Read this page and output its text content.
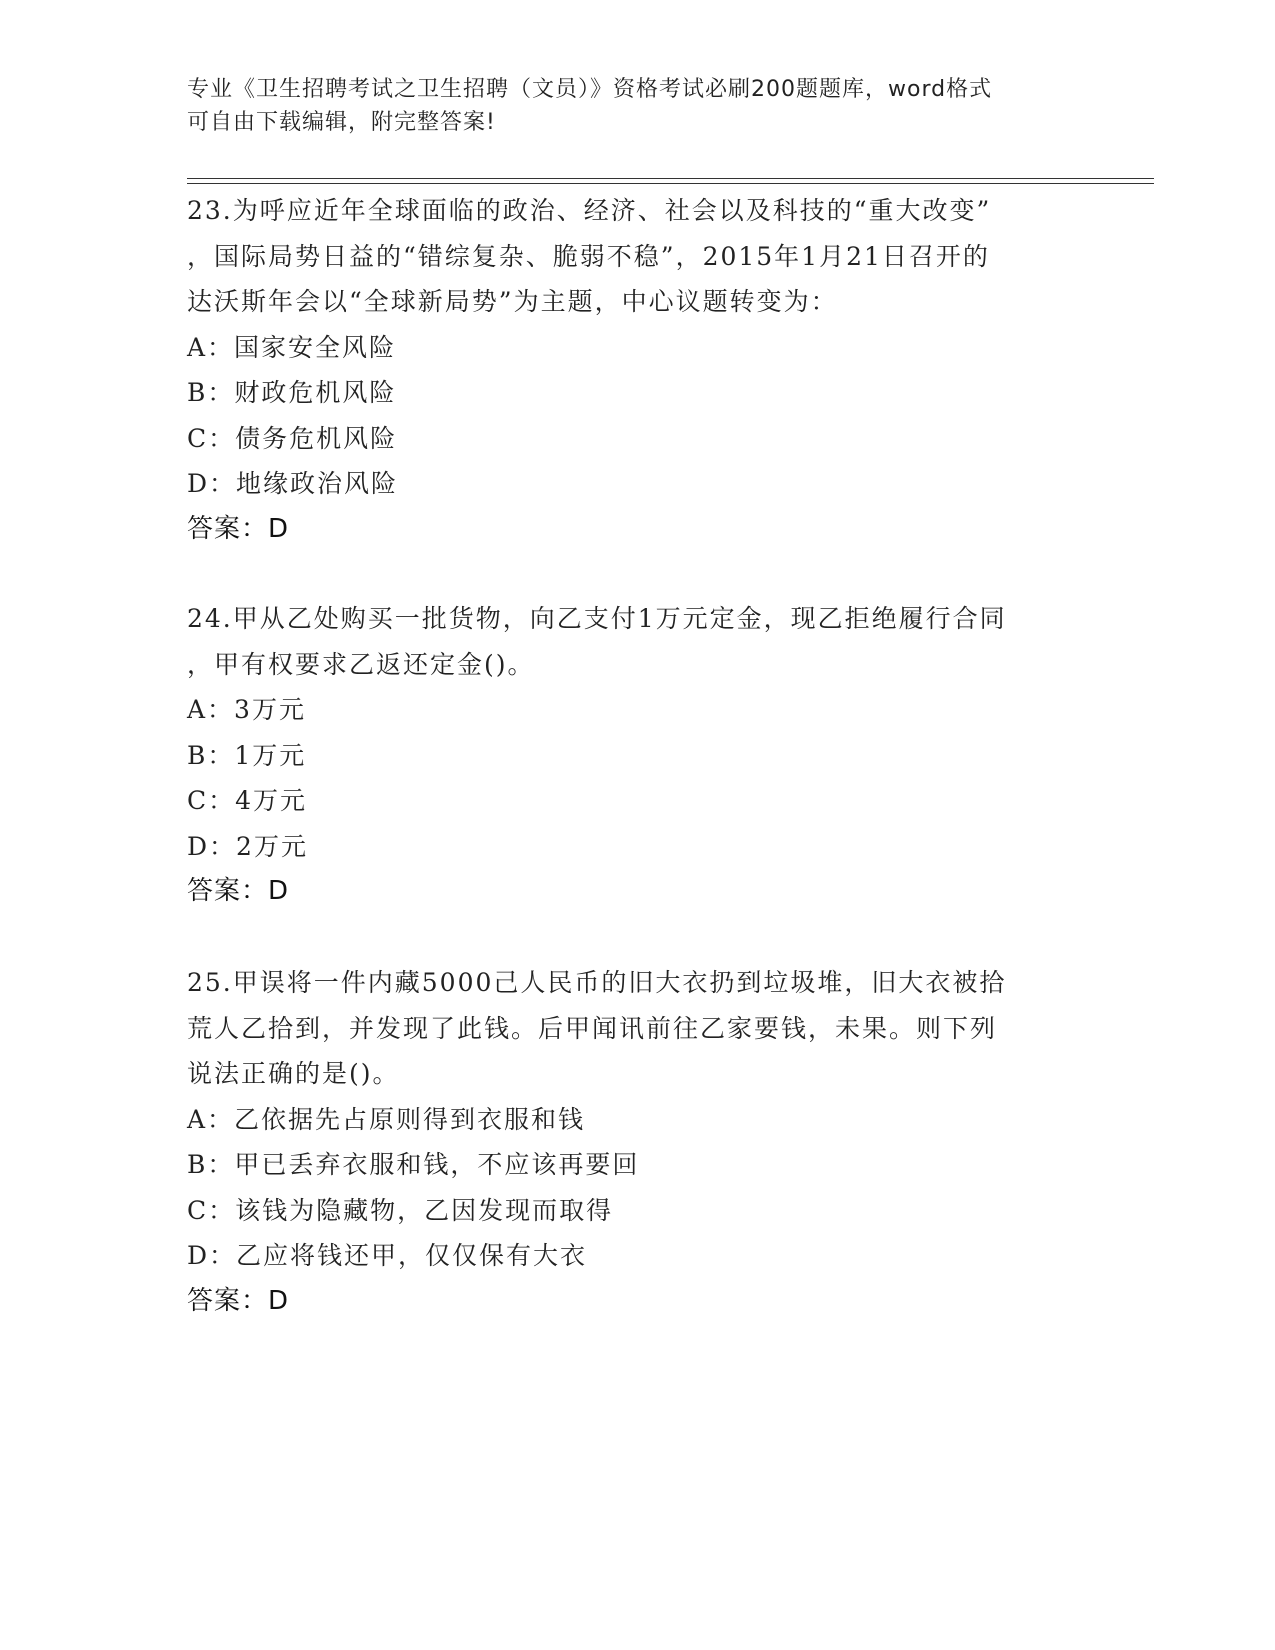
专业《卫生招聘考试之卫生招聘（文员）》资格考试必刷200题题库，word格式
可自由下载编辑，附完整答案!
23.为呼应近年全球面临的政治、经济、社会以及科技的“重大改变”
，国际局势日益的“错综复杂、脆弱不稳”，2015年1月21日召开的
达沃斯年会以“全球新局势”为主题，中心议题转变为：
A：国家安全风险
B：财政危机风险
C：债务危机风险
D：地缘政治风险
答案：D
24.甲从乙处购买一批货物，向乙支付1万元定金，现乙拒绝履行合同
，甲有权要求乙返还定金()。
A：3万元
B：1万元
C：4万元
D：2万元
答案：D
25.甲误将一件内藏5000己人民币的旧大衣扔到垃圾堆，旧大衣被拾
荒人乙拾到，并发现了此钱。后甲闻讯前往乙家要钱，未果。则下列
说法正确的是()。
A：乙依据先占原则得到衣服和钱
B：甲已丢弃衣服和钱，不应该再要回
C：该钱为隐藏物，乙因发现而取得
D：乙应将钱还甲，仅仅保有大衣
答案：D
